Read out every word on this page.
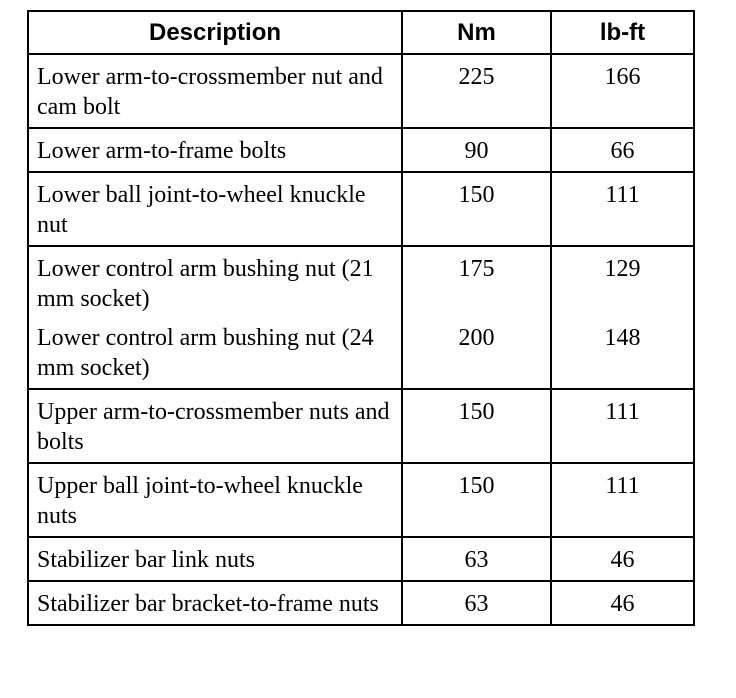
Description	Nm	lb-ft
Lower arm-to-crossmember nut and cam bolt	225	166
Lower arm-to-frame bolts	90	66
Lower ball joint-to-wheel knuckle nut	150	111
Lower control arm bushing nut (21 mm socket)	175	129
Lower control arm bushing nut (24 mm socket)	200	148
Upper arm-to-crossmember nuts and bolts	150	111
Upper ball joint-to-wheel knuckle nuts	150	111
Stabilizer bar link nuts	63	46
Stabilizer bar bracket-to-frame nuts	63	46
